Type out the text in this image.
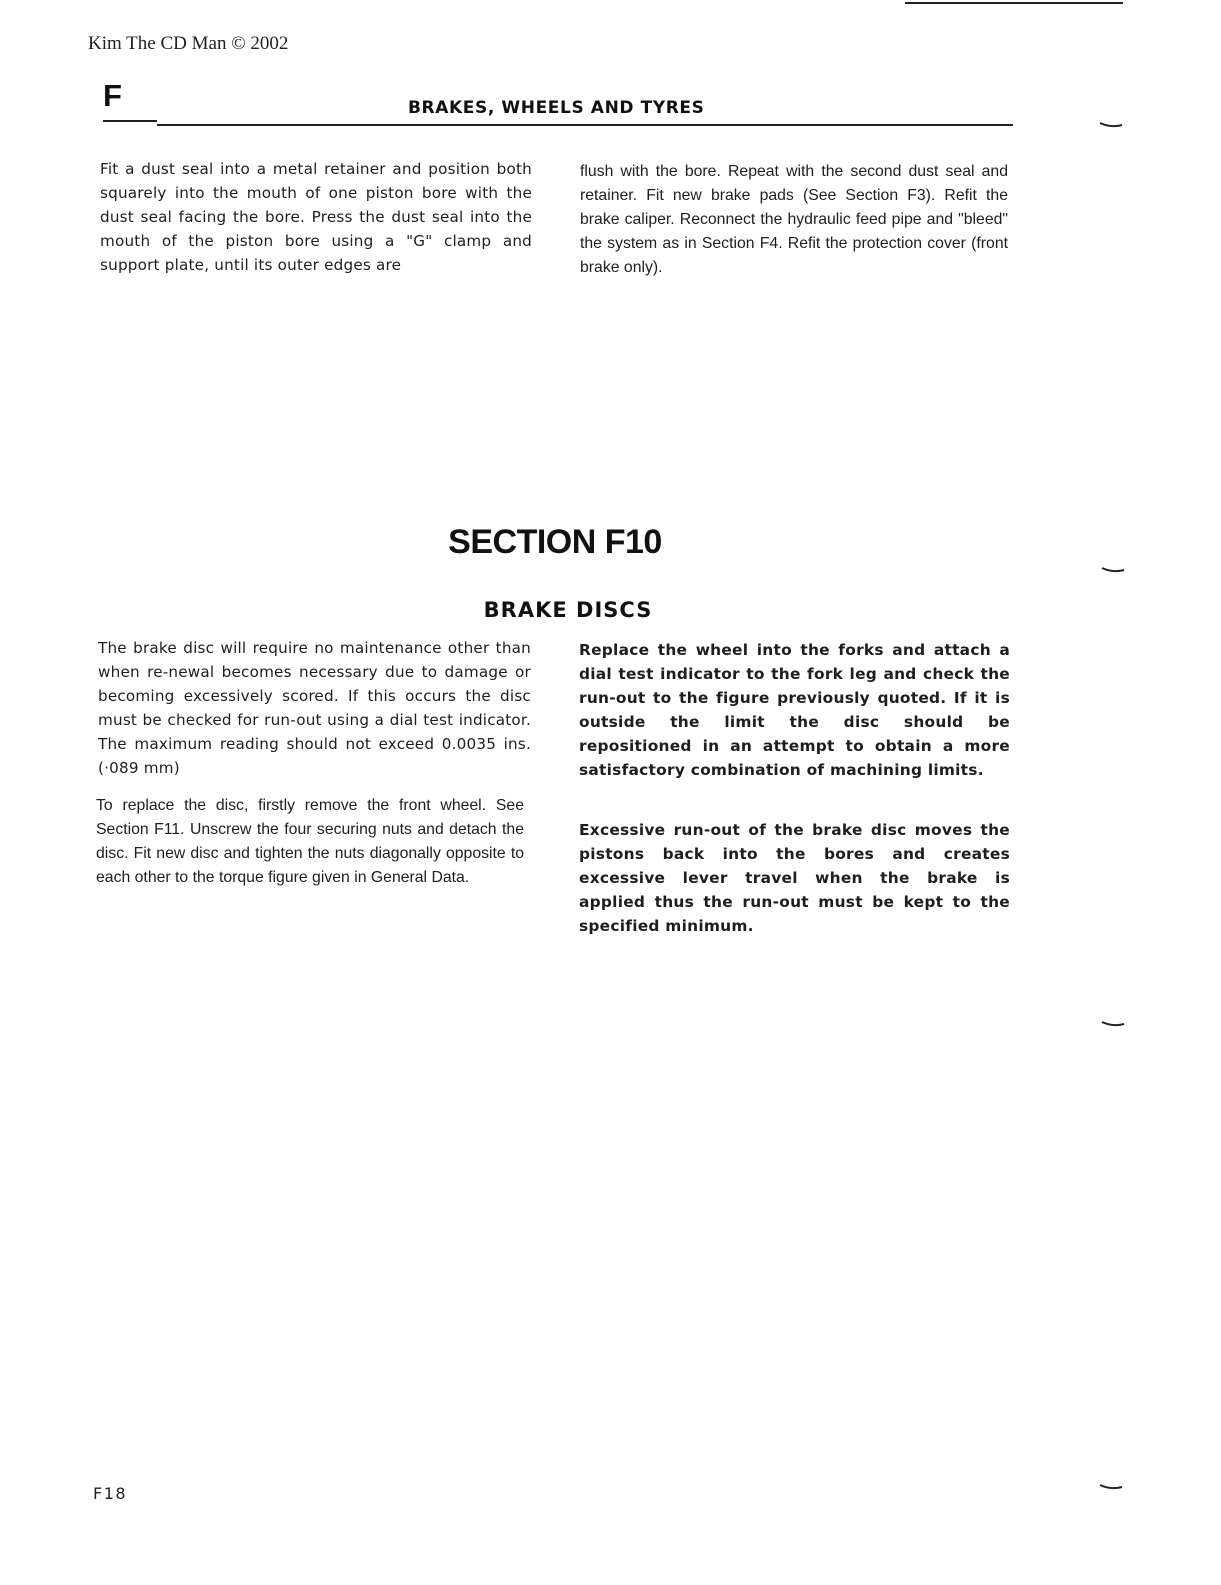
Kim The CD Man © 2002
F	BRAKES, WHEELS AND TYRES
Fit a dust seal into a metal retainer and position both squarely into the mouth of one piston bore with the dust seal facing the bore. Press the dust seal into the mouth of the piston bore using a "G" clamp and support plate, until its outer edges are
flush with the bore. Repeat with the second dust seal and retainer. Fit new brake pads (See Section F3). Refit the brake caliper. Reconnect the hydraulic feed pipe and "bleed" the system as in Section F4. Refit the protection cover (front brake only).
SECTION F10
BRAKE DISCS
The brake disc will require no maintenance other than when re-newal becomes necessary due to damage or becoming excessively scored. If this occurs the disc must be checked for run-out using a dial test indicator. The maximum reading should not exceed 0.0035 ins. (·089 mm)
To replace the disc, firstly remove the front wheel. See Section F11. Unscrew the four securing nuts and detach the disc. Fit new disc and tighten the nuts diagonally opposite to each other to the torque figure given in General Data.
Replace the wheel into the forks and attach a dial test indicator to the fork leg and check the run-out to the figure previously quoted. If it is outside the limit the disc should be repositioned in an attempt to obtain a more satisfactory combination of machining limits.
Excessive run-out of the brake disc moves the pistons back into the bores and creates excessive lever travel when the brake is applied thus the run-out must be kept to the specified minimum.
F18
